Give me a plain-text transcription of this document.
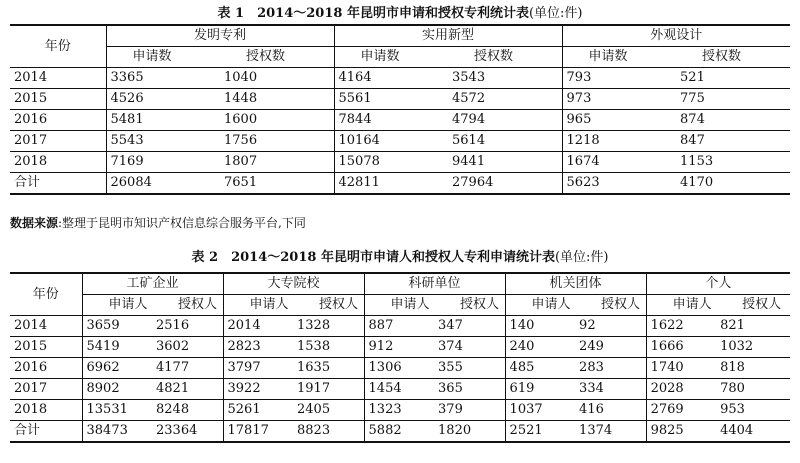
表 1　2014～2018 年昆明市申请和授权专利统计表(单位:件)
年份	发明专利		实用新型		外观设计	
	申请数	授权数	申请数	授权数	申请数	授权数
2014	3365	1040	4164	3543	793	521
2015	4526	1448	5561	4572	973	775
2016	5481	1600	7844	4794	965	874
2017	5543	1756	10164	5614	1218	847
2018	7169	1807	15078	9441	1674	1153
合计	26084	7651	42811	27964	5623	4170
数据来源:整理于昆明市知识产权信息综合服务平台,下同
表 2　2014～2018 年昆明市申请人和授权人专利申请统计表(单位:件)
年份	工矿企业		大专院校		科研单位		机关团体		个人	
	申请人	授权人	申请人	授权人	申请人	授权人	申请人	授权人	申请人	授权人
2014	3659	2516	2014	1328	887	347	140	92	1622	821
2015	5419	3602	2823	1538	912	374	240	249	1666	1032
2016	6962	4177	3797	1635	1306	355	485	283	1740	818
2017	8902	4821	3922	1917	1454	365	619	334	2028	780
2018	13531	8248	5261	2405	1323	379	1037	416	2769	953
合计	38473	23364	17817	8823	5882	1820	2521	1374	9825	4404
